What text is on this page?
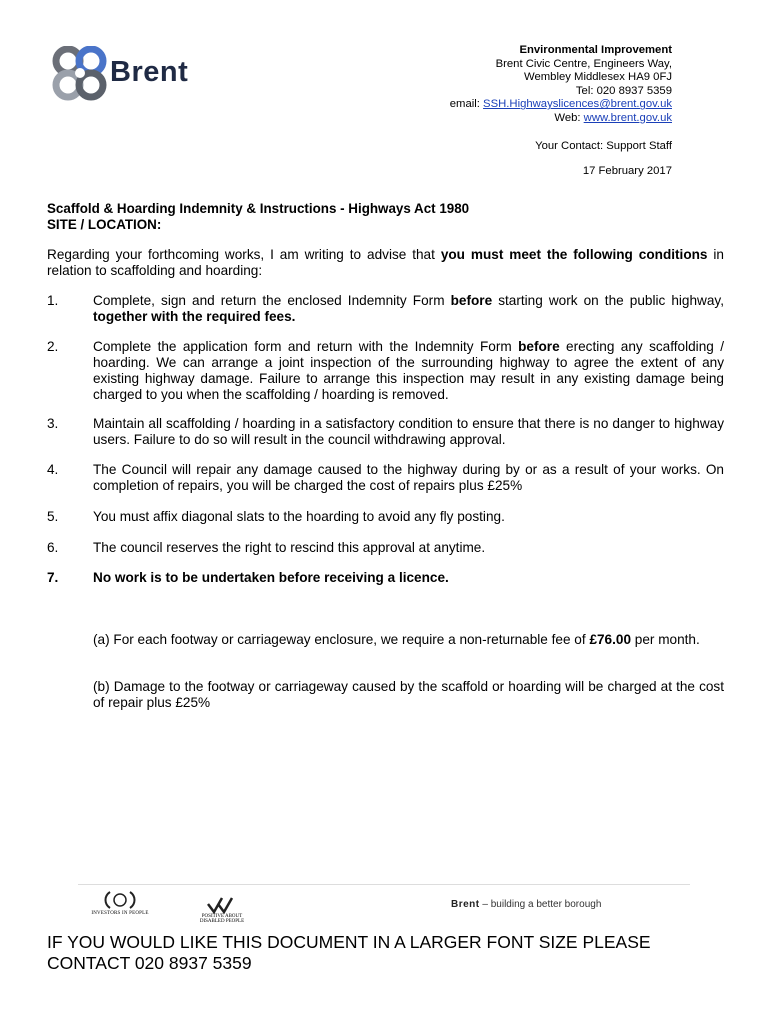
Brent
Environmental Improvement
Brent Civic Centre, Engineers Way,
Wembley Middlesex HA9 0FJ
Tel: 020 8937 5359
email: SSH.Highwayslicences@brent.gov.uk
Web: www.brent.gov.uk
Your Contact: Support Staff
17 February 2017
Scaffold & Hoarding Indemnity & Instructions - Highways Act 1980
SITE / LOCATION:
Regarding your forthcoming works, I am writing to advise that you must meet the following conditions in relation to scaffolding and hoarding:
1.	Complete, sign and return the enclosed Indemnity Form before starting work on the public highway, together with the required fees.
2.	Complete the application form and return with the Indemnity Form before erecting any scaffolding / hoarding. We can arrange a joint inspection of the surrounding highway to agree the extent of any existing highway damage. Failure to arrange this inspection may result in any existing damage being charged to you when the scaffolding / hoarding is removed.
3.	Maintain all scaffolding / hoarding in a satisfactory condition to ensure that there is no danger to highway users. Failure to do so will result in the council withdrawing approval.
4.	The Council will repair any damage caused to the highway during by or as a result of your works. On completion of repairs, you will be charged the cost of repairs plus £25%
5.	You must affix diagonal slats to the hoarding to avoid any fly posting.
6.	The council reserves the right to rescind this approval at anytime.
7.	No work is to be undertaken before receiving a licence.
(a) For each footway or carriageway enclosure, we require a non-returnable fee of £76.00 per month.
(b) Damage to the footway or carriageway caused by the scaffold or hoarding will be charged at the cost of repair plus £25%
INVESTORS IN PEOPLE
POSITIVE ABOUT DISABLED PEOPLE
Brent – building a better borough
IF YOU WOULD LIKE THIS DOCUMENT IN A LARGER FONT SIZE PLEASE
CONTACT 020 8937 5359
